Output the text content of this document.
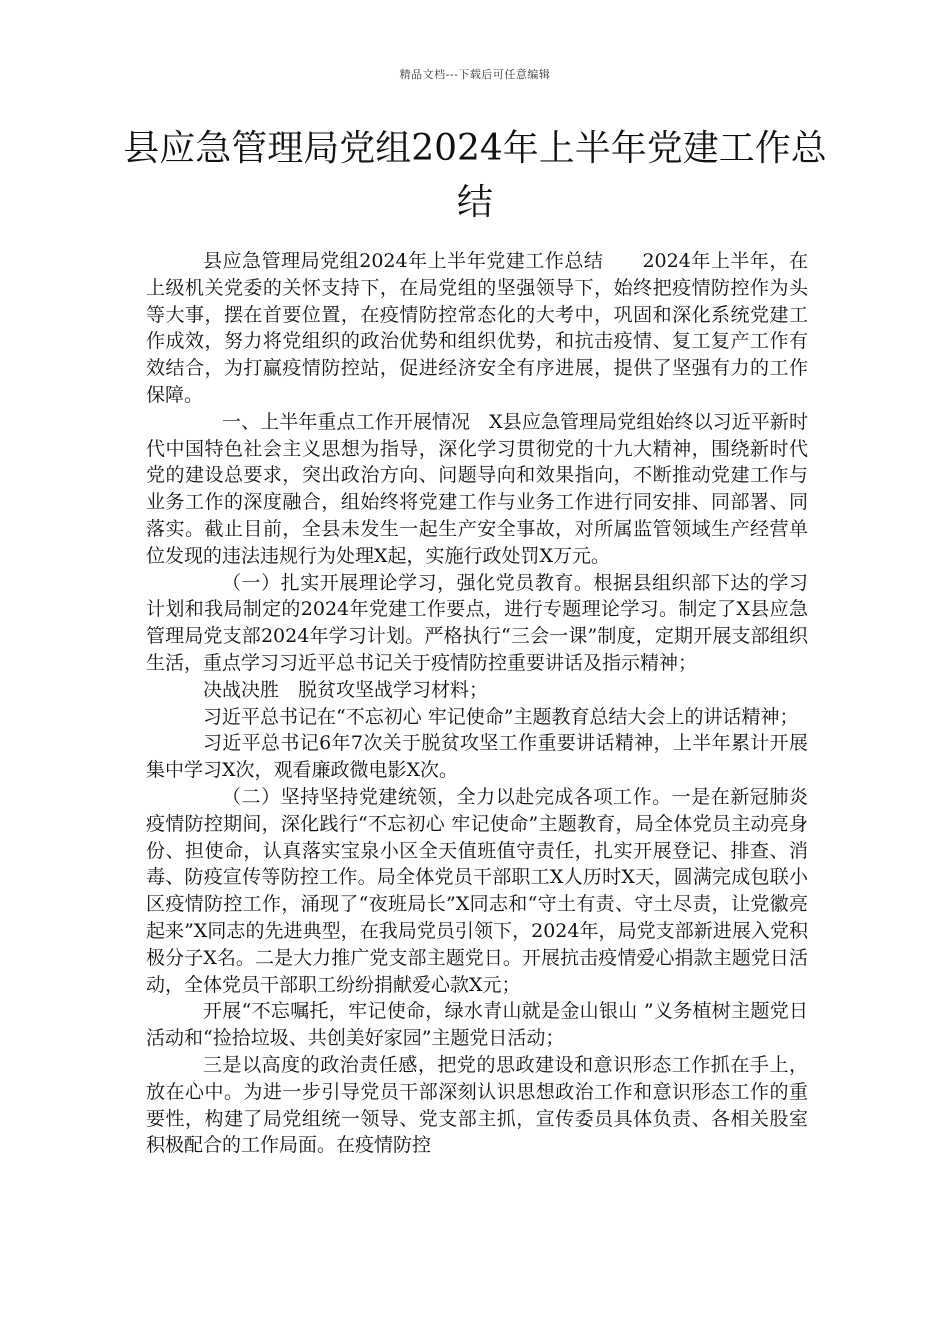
精品文档---下载后可任意编辑
县应急管理局党组2024年上半年党建工作总结

县应急管理局党组2024年上半年党建工作总结　　2024年上半年，在上级机关党委的关怀支持下，在局党组的坚强领导下，始终把疫情防控作为头等大事，摆在首要位置，在疫情防控常态化的大考中，巩固和深化系统党建工作成效，努力将党组织的政治优势和组织优势，和抗击疫情、复工复产工作有效结合，为打赢疫情防控站，促进经济安全有序进展，提供了坚强有力的工作保障。

一、上半年重点工作开展情况　X县应急管理局党组始终以习近平新时代中国特色社会主义思想为指导，深化学习贯彻党的十九大精神，围绕新时代党的建设总要求，突出政治方向、问题导向和效果指向，不断推动党建工作与业务工作的深度融合，组始终将党建工作与业务工作进行同安排、同部署、同落实。截止目前，全县未发生一起生产安全事故，对所属监管领域生产经营单位发现的违法违规行为处理X起，实施行政处罚X万元。

（一）扎实开展理论学习，强化党员教育。根据县组织部下达的学习计划和我局制定的2024年党建工作要点，进行专题理论学习。制定了X县应急管理局党支部2024年学习计划。严格执行“三会一课”制度，定期开展支部组织生活，重点学习习近平总书记关于疫情防控重要讲话及指示精神；

决战决胜　脱贫攻坚战学习材料；

习近平总书记在“不忘初心 牢记使命”主题教育总结大会上的讲话精神；

习近平总书记6年7次关于脱贫攻坚工作重要讲话精神，上半年累计开展集中学习X次，观看廉政微电影X次。

（二）坚持坚持党建统领，全力以赴完成各项工作。一是在新冠肺炎疫情防控期间，深化践行“不忘初心 牢记使命”主题教育，局全体党员主动亮身份、担使命，认真落实宝泉小区全天值班值守责任，扎实开展登记、排查、消毒、防疫宣传等防控工作。局全体党员干部职工X人历时X天，圆满完成包联小区疫情防控工作，涌现了“夜班局长”X同志和“守土有责、守土尽责，让党徽亮起来”X同志的先进典型，在我局党员引领下，2024年，局党支部新进展入党积极分子X名。二是大力推广党支部主题党日。开展抗击疫情爱心捐款主题党日活动，全体党员干部职工纷纷捐献爱心款X元；

开展“不忘嘱托，牢记使命，绿水青山就是金山银山 ”义务植树主题党日活动和“捡拾垃圾、共创美好家园”主题党日活动；

三是以高度的政治责任感，把党的思政建设和意识形态工作抓在手上，放在心中。为进一步引导党员干部深刻认识思想政治工作和意识形态工作的重要性，构建了局党组统一领导、党支部主抓，宣传委员具体负责、各相关股室积极配合的工作局面。在疫情防控
